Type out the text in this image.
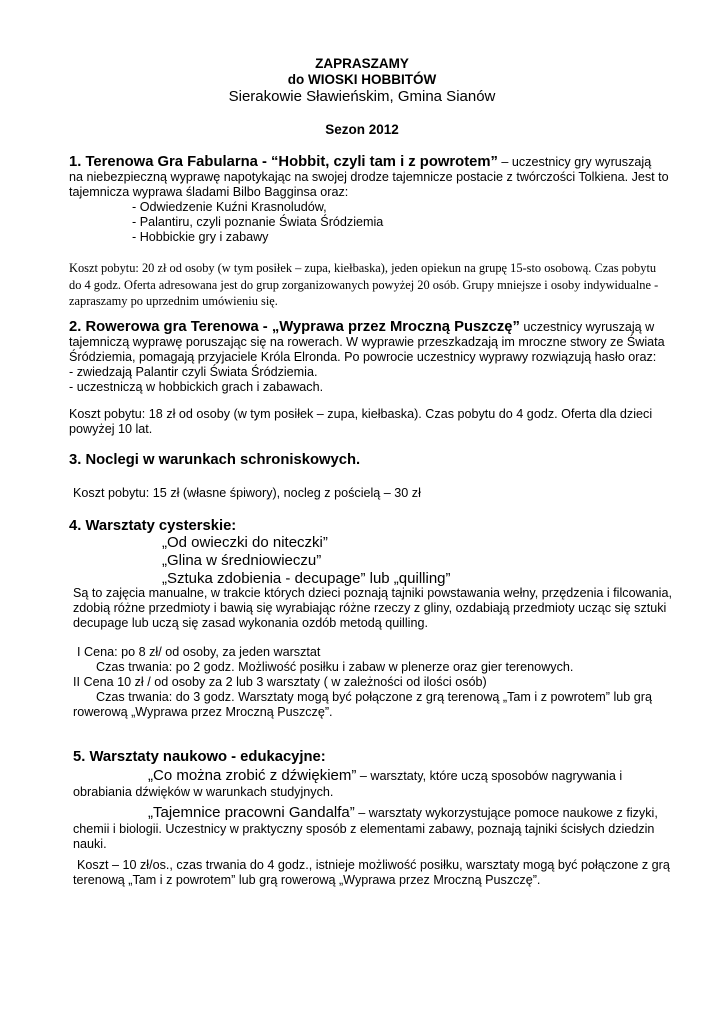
ZAPRASZAMY
do WIOSKI HOBBITÓW
Sierakowie Sławieńskim, Gmina Sianów
Sezon 2012
1. Terenowa Gra Fabularna - “Hobbit, czyli tam i z powrotem” – uczestnicy gry wyruszają
na niebezpieczną wyprawę napotykając na swojej drodze tajemnicze postacie z twórczości Tolkiena. Jest to
tajemnicza wyprawa śladami Bilbo Bagginsa oraz:
- Odwiedzenie Kuźni Krasnoludów,
- Palantiru, czyli poznanie Świata Śródziemia
- Hobbickie gry i zabawy
Koszt pobytu: 20 zł od osoby (w tym posiłek – zupa, kiełbaska), jeden opiekun na grupę 15-sto osobową. Czas pobytu
do 4 godz. Oferta adresowana jest do grup zorganizowanych powyżej 20 osób. Grupy mniejsze i osoby indywidualne -
zapraszamy po uprzednim umówieniu się.
2. Rowerowa gra Terenowa - „Wyprawa przez Mroczną Puszczę” uczestnicy wyruszają w
tajemniczą wyprawę poruszając się na rowerach. W wyprawie przeszkadzają im mroczne stwory ze Świata
Śródziemia, pomagają przyjaciele Króla Elronda. Po powrocie uczestnicy wyprawy rozwiązują hasło oraz:
- zwiedzają Palantir czyli Świata Śródziemia.
- uczestniczą w hobbickich grach i zabawach.
Koszt pobytu: 18 zł od osoby (w tym posiłek – zupa, kiełbaska). Czas pobytu do 4 godz. Oferta dla dzieci
powyżej 10 lat.
3. Noclegi w warunkach schroniskowych.
Koszt pobytu: 15 zł (własne śpiwory), nocleg z pościelą – 30 zł
4. Warsztaty cysterskie:
„Od owieczki do niteczki”
„Glina w średniowieczu”
„Sztuka zdobienia - decupage” lub „quilling”
Są to zajęcia manualne, w trakcie których dzieci poznają tajniki powstawania wełny, przędzenia i filcowania,
zdobią różne przedmioty i bawią się wyrabiając różne rzeczy z gliny, ozdabiają przedmioty ucząc się sztuki
decupage lub uczą się zasad wykonania ozdób metodą quilling.
I Cena: po 8 zł/ od osoby, za jeden warsztat
Czas trwania: po 2 godz. Możliwość posiłku i zabaw w plenerze oraz gier terenowych.
II Cena 10 zł / od osoby za 2 lub 3 warsztaty ( w zależności od ilości osób)
Czas trwania: do 3 godz. Warsztaty mogą być połączone z grą terenową „Tam i z powrotem” lub grą
rowerową „Wyprawa przez Mroczną Puszczę”.
5. Warsztaty naukowo - edukacyjne:
„Co można zrobić z dźwiękiem” – warsztaty, które uczą sposobów nagrywania i
obrabiania dźwięków w warunkach studyjnych.
„Tajemnice pracowni Gandalfa” – warsztaty wykorzystujące pomoce naukowe z fizyki,
chemii i biologii. Uczestnicy w praktyczny sposób z elementami zabawy, poznają tajniki ścisłych dziedzin
nauki.
Koszt – 10 zł/os., czas trwania do 4 godz., istnieje możliwość posiłku, warsztaty mogą być połączone z grą
terenową „Tam i z powrotem” lub grą rowerową „Wyprawa przez Mroczną Puszczę”.
